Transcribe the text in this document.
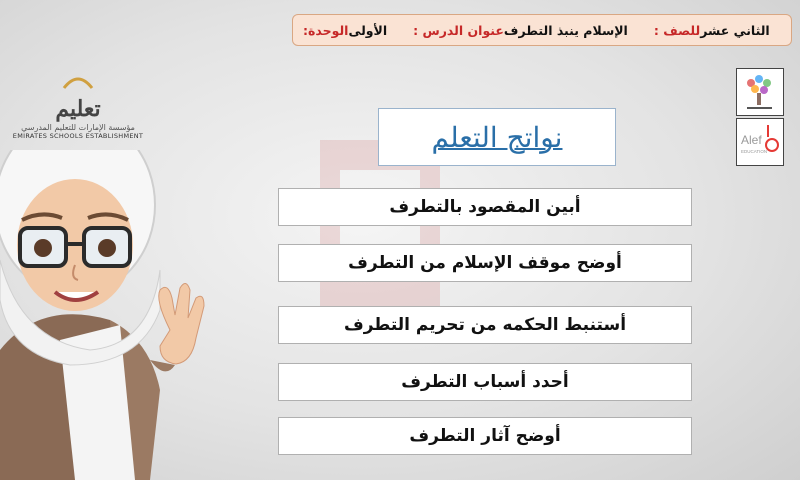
الوحدة: الأولى عنوان الدرس : الإسلام ينبذ التطرف للصف : الثاني عشر
تعليم
مؤسسة الإمارات للتعليم المدرسي
EMIRATES SCHOOLS ESTABLISHMENT	Alef
EDUCATION
نواتج التعلم
أبين المقصود بالتطرف
أوضح موقف الإسلام من التطرف
أستنبط الحكمه من تحريم التطرف
أحدد أسباب التطرف
أوضح آثار التطرف
